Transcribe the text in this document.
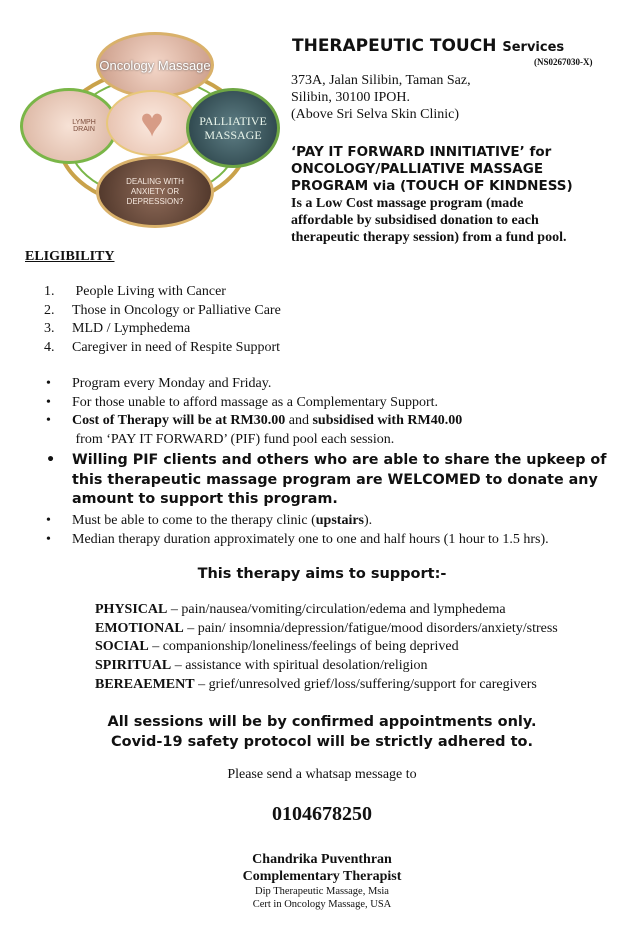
Oncology Massage
LYMPH DRAIN ♥	PALLIATIVE
MASSAGE
DEALING WITH ANXIETY OR DEPRESSION?
THERAPEUTIC TOUCH Services
(NS0267030-X)
373A, Jalan Silibin, Taman Saz,
Silibin, 30100 IPOH.
(Above Sri Selva Skin Clinic)
‘PAY IT FORWARD INNITIATIVE’ for
ONCOLOGY/PALLIATIVE MASSAGE
PROGRAM via (TOUCH OF KINDNESS)
Is a Low Cost massage program (made
affordable by subsidised donation to each
therapeutic therapy session) from a fund pool.
ELIGIBILITY
1.	People Living with Cancer
2.	Those in Oncology or Palliative Care
3.	MLD / Lymphedema
4.	Caregiver in need of Respite Support
• Program every Monday and Friday.
• For those unable to afford massage as a Complementary Support.
• Cost of Therapy will be at RM30.00 and subsidised with RM40.00 from ‘PAY IT FORWARD’ (PIF) fund pool each session.
• Willing PIF clients and others who are able to share the upkeep of this therapeutic massage program are WELCOMED to donate any amount to support this program.
• Must be able to come to the therapy clinic (upstairs).
• Median therapy duration approximately one to one and half hours (1 hour to 1.5 hrs).
This therapy aims to support:-
PHYSICAL – pain/nausea/vomiting/circulation/edema and lymphedema
EMOTIONAL – pain/ insomnia/depression/fatigue/mood disorders/anxiety/stress
SOCIAL – companionship/loneliness/feelings of being deprived
SPIRITUAL – assistance with spiritual desolation/religion
BEREAEMENT – grief/unresolved grief/loss/suffering/support for caregivers
All sessions will be by confirmed appointments only.
Covid-19 safety protocol will be strictly adhered to.
Please send a whatsap message to
0104678250
Chandrika Puventhran
Complementary Therapist
Dip Therapeutic Massage, Msia
Cert in Oncology Massage, USA
